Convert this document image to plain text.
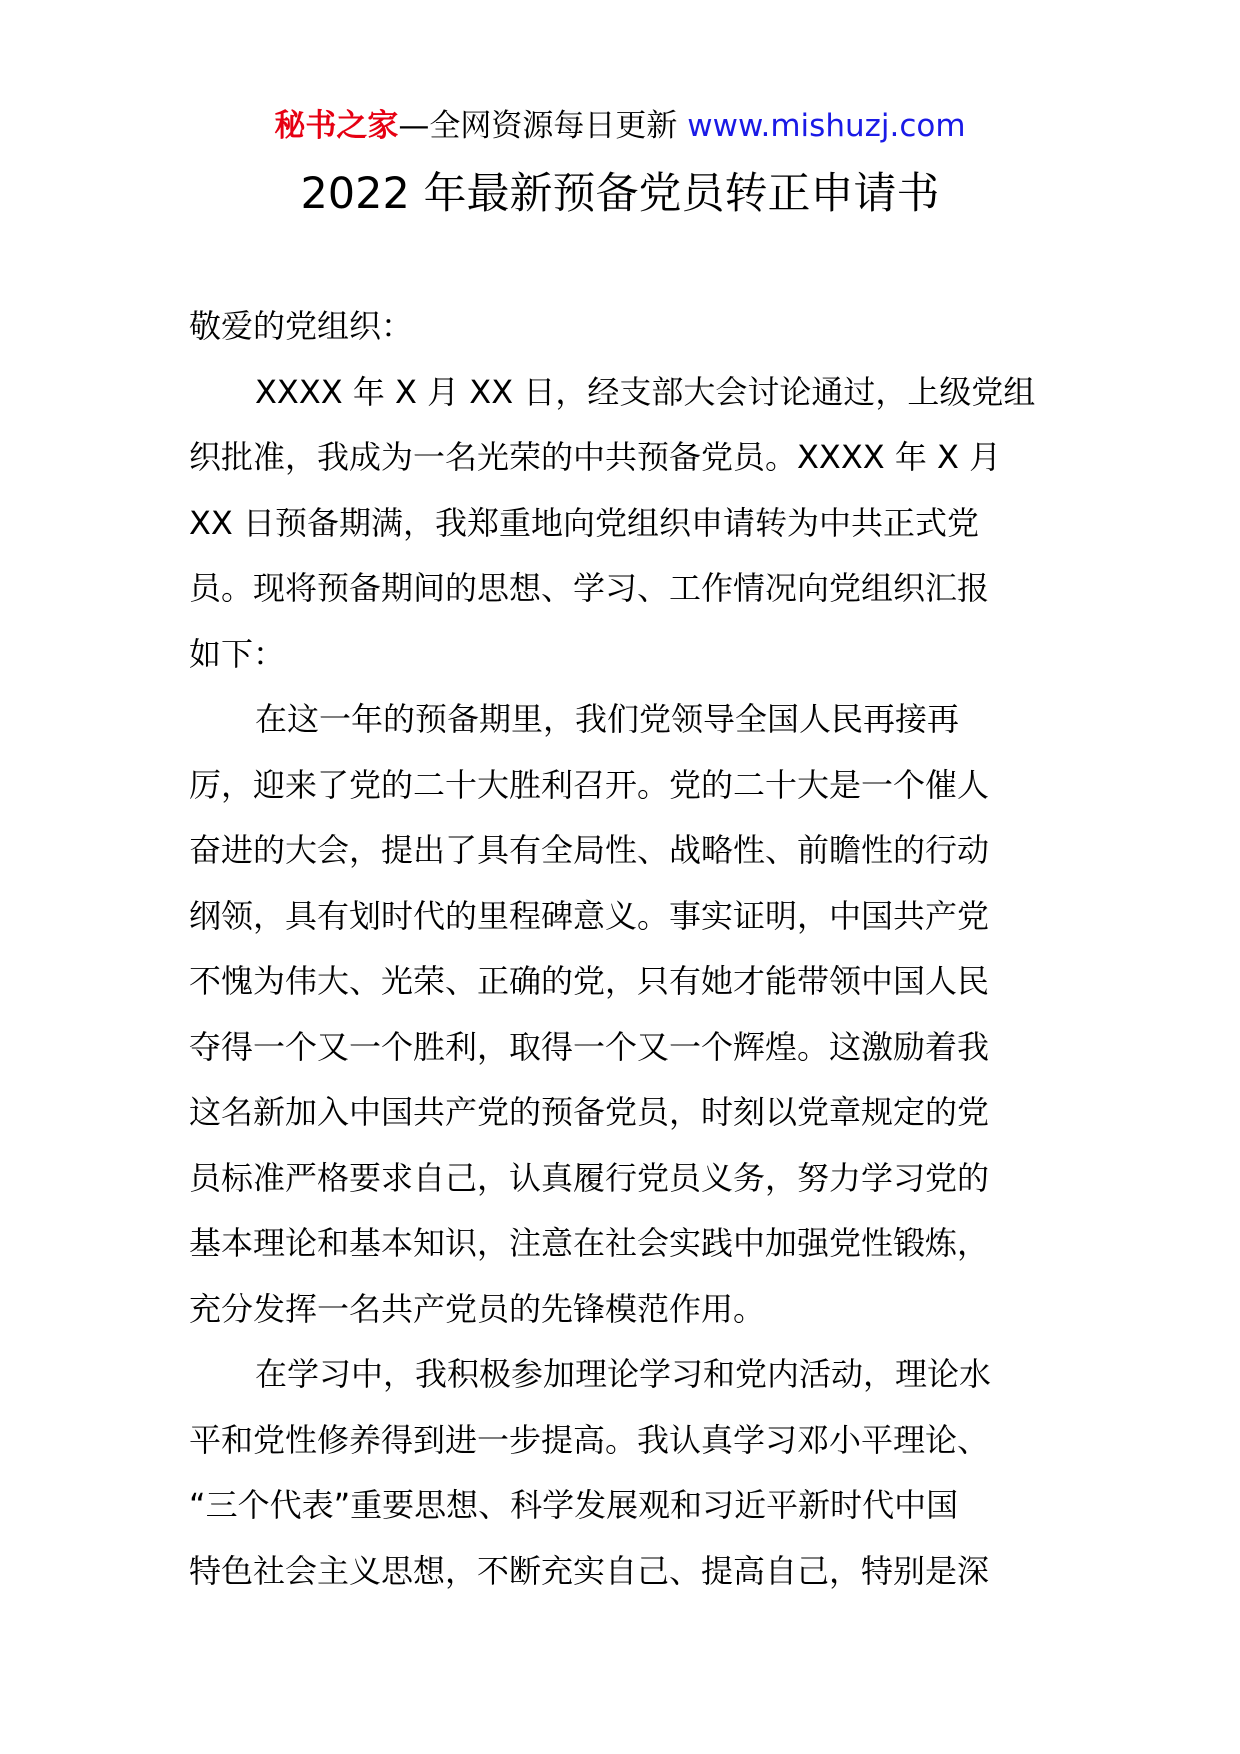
秘书之家—全网资源每日更新 www.mishuzj.com
2022 年最新预备党员转正申请书
敬爱的党组织：
XXXX 年 X 月 XX 日，经支部大会讨论通过，上级党组
织批准，我成为一名光荣的中共预备党员。XXXX 年 X 月
XX 日预备期满，我郑重地向党组织申请转为中共正式党
员。现将预备期间的思想、学习、工作情况向党组织汇报
如下：
在这一年的预备期里，我们党领导全国人民再接再
厉，迎来了党的二十大胜利召开。党的二十大是一个催人
奋进的大会，提出了具有全局性、战略性、前瞻性的行动
纲领，具有划时代的里程碑意义。事实证明，中国共产党
不愧为伟大、光荣、正确的党，只有她才能带领中国人民
夺得一个又一个胜利，取得一个又一个辉煌。这激励着我
这名新加入中国共产党的预备党员，时刻以党章规定的党
员标准严格要求自己，认真履行党员义务，努力学习党的
基本理论和基本知识，注意在社会实践中加强党性锻炼，
充分发挥一名共产党员的先锋模范作用。
在学习中，我积极参加理论学习和党内活动，理论水
平和党性修养得到进一步提高。我认真学习邓小平理论、
“三个代表”重要思想、科学发展观和习近平新时代中国
特色社会主义思想，不断充实自己、提高自己，特别是深
